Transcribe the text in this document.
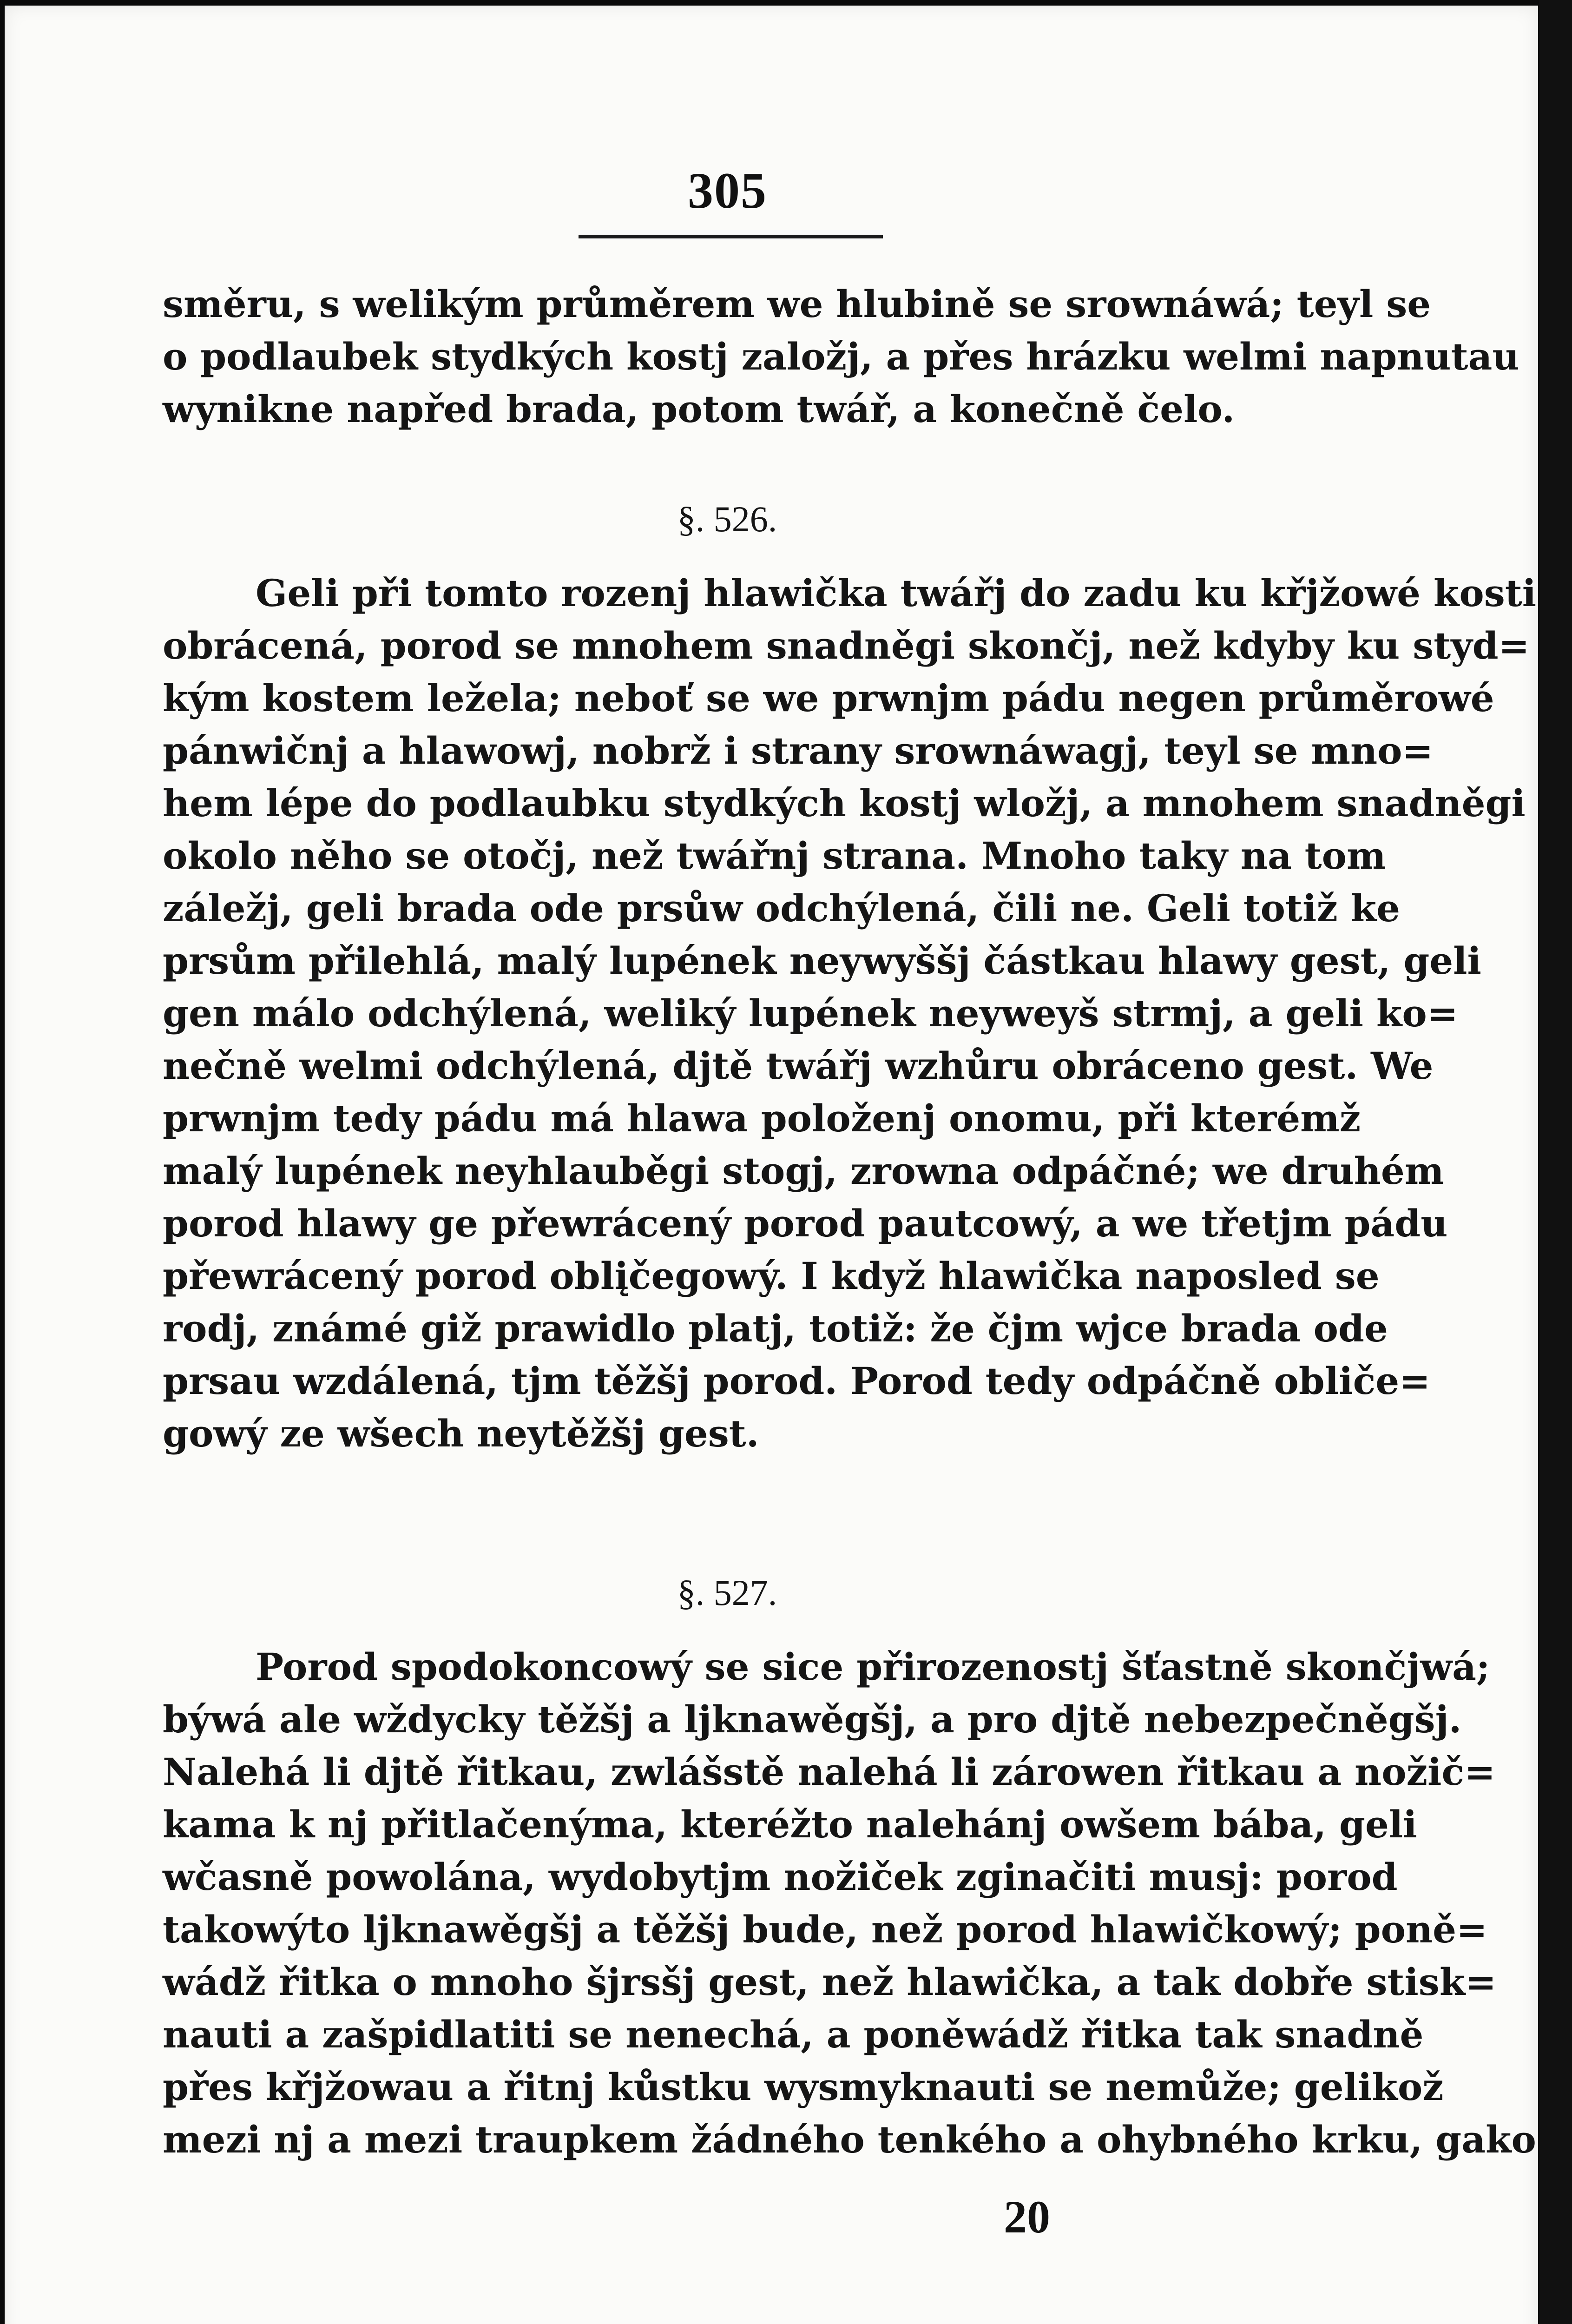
305
směru, s welikým průměrem we hlubině se srownáwá; teyl se
o podlaubek stydkých kostj založj, a přes hrázku welmi napnutau
wynikne napřed brada, potom twář, a konečně čelo.
§. 526.
Geli při tomto rozenj hlawička twářj do zadu ku křjžowé kosti
obrácená, porod se mnohem snadněgi skončj, než kdyby ku styd=
kým kostem ležela; neboť se we prwnjm pádu negen průměrowé
pánwičnj a hlawowj, nobrž i strany srownáwagj, teyl se mno=
hem lépe do podlaubku stydkých kostj wložj, a mnohem snadněgi
okolo něho se otočj, než twářnj strana. Mnoho taky na tom
záležj, geli brada ode prsůw odchýlená, čili ne. Geli totiž ke
prsům přilehlá, malý lupének neywyššj částkau hlawy gest, geli
gen málo odchýlená, weliký lupének neyweyš strmj, a geli ko=
nečně welmi odchýlená, djtě twářj wzhůru obráceno gest. We
prwnjm tedy pádu má hlawa položenj onomu, při kterémž
malý lupének neyhlauběgi stogj, zrowna odpáčné; we druhém
porod hlawy ge přewrácený porod pautcowý, a we třetjm pádu
přewrácený porod oblįčegowý. I když hlawička naposled se
rodj, známé giž prawidlo platj, totiž: že čjm wjce brada ode
prsau wzdálená, tjm těžšj porod. Porod tedy odpáčně obliče=
gowý ze wšech neytěžšj gest.
§. 527.
Porod spodokoncowý se sice přirozenostj šťastně skončjwá;
býwá ale wždycky těžšj a ljknawěgšj, a pro djtě nebezpečněgšj.
Nalehá li djtě řitkau, zwlášstě nalehá li zárowen řitkau a nožič=
kama k nj přitlačenýma, kteréžto nalehánj owšem bába, geli
wčasně powolána, wydobytjm nožiček zginačiti musj: porod
takowýto ljknawěgšj a těžšj bude, než porod hlawičkowý; poně=
wádž řitka o mnoho šjrsšj gest, než hlawička, a tak dobře stisk=
nauti a zašpidlatiti se nenechá, a poněwádž řitka tak snadně
přes křjžowau a řitnj kůstku wysmyknauti se nemůže; gelikož
mezi nj a mezi traupkem žádného tenkého a ohybného krku, gako
20
